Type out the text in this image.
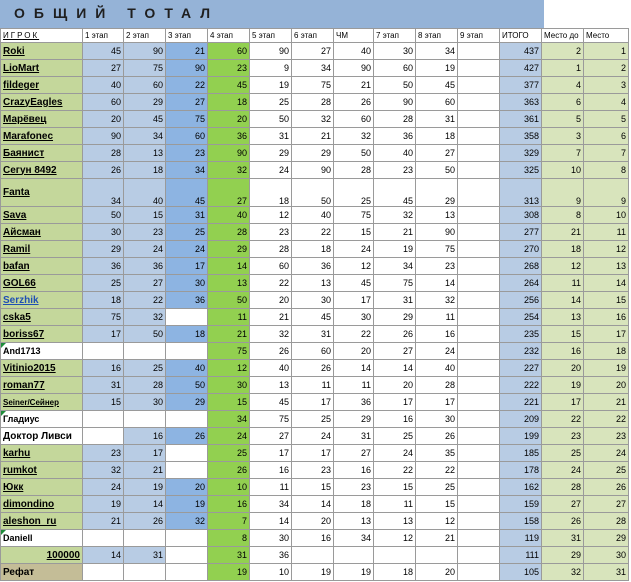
ОБЩИЙ ТОТАЛ
ИГРОК	1 этап	2 этап	3 этап	4 этап	5 этап	6 этап	ЧМ	7 этап	8 этап	9 этап	ИТОГО	Место до	Место
Roki	45	90	21	60	90	27	40	30	34		437	2	1
LioMart	27	75	90	23	9	34	90	60	19		427	1	2
fildeger	40	60	22	45	19	75	21	50	45		377	4	3
CrazyEagles	60	29	27	18	25	28	26	90	60		363	6	4
Марёвец	20	45	75	20	50	32	60	28	31		361	5	5
Marafonec	90	34	60	36	31	21	32	36	18		358	3	6
Баянист	28	13	23	90	29	29	50	40	27		329	7	7
Сегун 8492	26	18	34	32	24	90	28	23	50		325	10	8
Fanta	34	40	45	27	18	50	25	45	29		313	9	9
Sava	50	15	31	40	12	40	75	32	13		308	8	10
Айсман	30	23	25	28	23	22	15	21	90		277	21	11
Ramil	29	24	24	29	28	18	24	19	75		270	18	12
bafan	36	36	17	14	60	36	12	34	23		268	12	13
GOL66	25	27	30	13	22	13	45	75	14		264	11	14
Serzhik	18	22	36	50	20	30	17	31	32		256	14	15
cska5	75	32		11	21	45	30	29	11		254	13	16
boriss67	17	50	18	21	32	31	22	26	16		235	15	17
And1713				75	26	60	20	27	24		232	16	18
Vitinio2015	16	25	40	12	40	26	14	14	40		227	20	19
roman77	31	28	50	30	13	11	11	20	28		222	19	20
Seiner/Сейнер	15	30	29	15	45	17	36	17	17		221	17	21
Гладиус				34	75	25	29	16	30		209	22	22
Доктор Ливси		16	26	24	27	24	31	25	26		199	23	23
karhu	23	17		25	17	17	27	24	35		185	25	24
rumkot	32	21		26	16	23	16	22	22		178	24	25
Юкк	24	19	20	10	11	15	23	15	25		162	28	26
dimondino	19	14	19	16	34	14	18	11	15		159	27	27
aleshon_ru	21	26	32	7	14	20	13	13	12		158	26	28
Daniell				8	30	16	34	12	21		119	31	29
100000	14	31		31	36						111	29	30
Рефат				19	10	19	19	18	20		105	32	31
